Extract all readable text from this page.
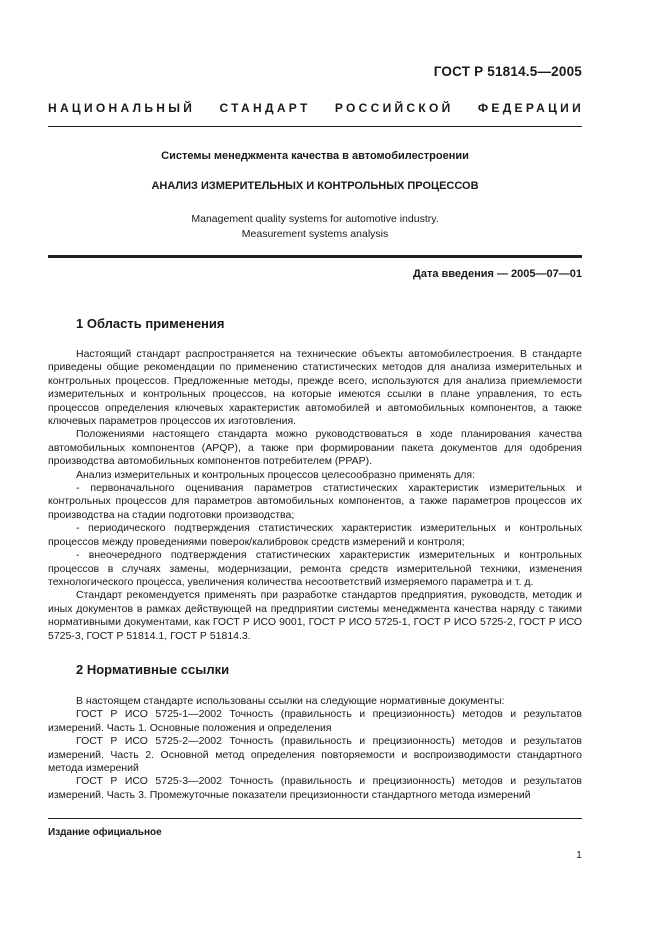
ГОСТ Р 51814.5—2005
НАЦИОНАЛЬНЫЙ СТАНДАРТ РОССИЙСКОЙ ФЕДЕРАЦИИ
Системы менеджмента качества в автомобилестроении
АНАЛИЗ ИЗМЕРИТЕЛЬНЫХ И КОНТРОЛЬНЫХ ПРОЦЕССОВ
Management quality systems for automotive industry.
Measurement systems analysis
Дата введения — 2005—07—01
1 Область применения

Настоящий стандарт распространяется на технические объекты автомобилестроения. В стандарте приведены общие рекомендации по применению статистических методов для анализа измерительных и контрольных процессов. Предложенные методы, прежде всего, используются для анализа приемлемости измерительных и контрольных процессов, на которые имеются ссылки в плане управления, то есть процессов определения ключевых характеристик автомобилей и автомобильных компонентов, а также ключевых параметров процессов их изготовления.

Положениями настоящего стандарта можно руководствоваться в ходе планирования качества автомобильных компонентов (APQP), а также при формировании пакета документов для одобрения производства автомобильных компонентов потребителем (PPAP).

Анализ измерительных и контрольных процессов целесообразно применять для:

- первоначального оценивания параметров статистических характеристик измерительных и контрольных процессов для параметров автомобильных компонентов, а также параметров процессов их производства на стадии подготовки производства;

- периодического подтверждения статистических характеристик измерительных и контрольных процессов между проведениями поверок/калибровок средств измерений и контроля;

- внеочередного подтверждения статистических характеристик измерительных и контрольных процессов в случаях замены, модернизации, ремонта средств измерительной техники, изменения технологического процесса, увеличения количества несоответствий измеряемого параметра и т. д.

Стандарт рекомендуется применять при разработке стандартов предприятия, руководств, методик и иных документов в рамках действующей на предприятии системы менеджмента качества наряду с такими нормативными документами, как ГОСТ Р ИСО 9001, ГОСТ Р ИСО 5725-1, ГОСТ Р ИСО 5725-2, ГОСТ Р ИСО 5725-3, ГОСТ Р 51814.1, ГОСТ Р 51814.3.

2 Нормативные ссылки

В настоящем стандарте использованы ссылки на следующие нормативные документы:

ГОСТ Р ИСО 5725-1—2002 Точность (правильность и прецизионность) методов и результатов измерений. Часть 1. Основные положения и определения

ГОСТ Р ИСО 5725-2—2002 Точность (правильность и прецизионность) методов и результатов измерений. Часть 2. Основной метод определения повторяемости и воспроизводимости стандартного метода измерений

ГОСТ Р ИСО 5725-3—2002 Точность (правильность и прецизионность) методов и результатов измерений. Часть 3. Промежуточные показатели прецизионности стандартного метода измерений

Издание официальное
1
